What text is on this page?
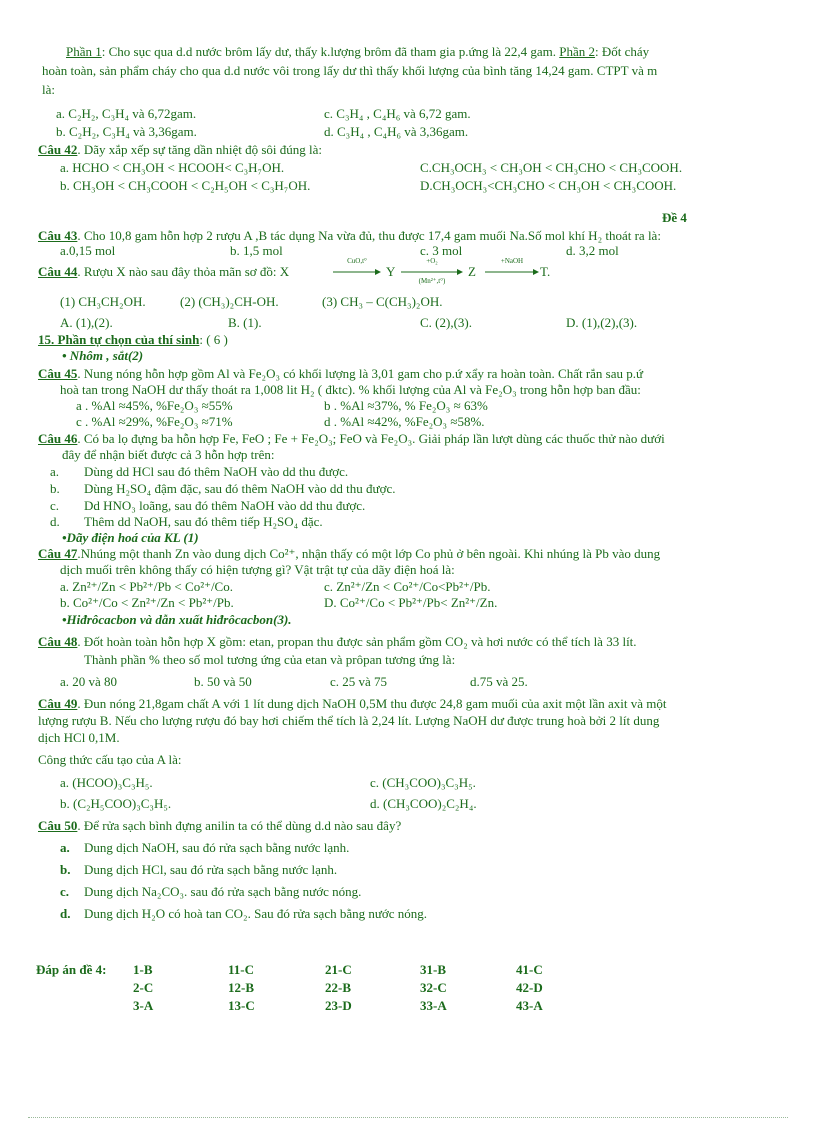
Phần 1: Cho sục qua d.d nước brôm lấy dư, thấy k.lượng brôm đã tham gia p.ứng là 22,4 gam. Phần 2: Đốt cháy
hoàn toàn, sản phẩm cháy cho qua d.d nước vôi trong lấy dư thì thấy khối lượng của bình tăng 14,24 gam. CTPT và m
là:
a. C₂H₂, C₃H₄ và 6,72gam.	c. C₃H₄ , C₄H₆ và 6,72 gam.
b. C₂H₂, C₃H₄ và 3,36gam.	d. C₃H₄ , C₄H₆ và 3,36gam.
Câu 42. Dãy xắp xếp sự tăng dần nhiệt độ sôi đúng là:
a. HCHO < CH₃OH < HCOOH< C₃H₇OH.	C.CH₃OCH₃ < CH₃OH < CH₃CHO < CH₃COOH.
b. CH₃OH < CH₃COOH < C₂H₅OH < C₃H₇OH.	D.CH₃OCH₃<CH₃CHO < CH₃OH < CH₃COOH.
Đề 4
Câu 43. Cho 10,8 gam hỗn hợp 2 rượu A ,B tác dụng Na vừa đủ, thu được 17,4 gam muối Na.Số mol khí H₂ thoát ra là:
a.0,15 mol	b. 1,5 mol	c. 3 mol	d. 3,2 mol
Câu 44. Rượu X nào sau đây thỏa mãn sơ đồ: X
CuO,t°
→ Y
+O₂
(Mn²⁺,t°)
Z
+NaOH
T.
(1) CH₃CH₂OH.	(2) (CH₃)₂CH-OH.	(3) CH₃ – C(CH₃)₂OH.
A. (1),(2).	B. (1).	C. (2),(3).	D. (1),(2),(3).
15. Phần tự chọn của thí sinh: ( 6 )
• Nhôm , sắt(2)
Câu 45. Nung nóng hỗn hợp gồm Al và Fe₂O₃ có khối lượng là 3,01 gam cho p.ứ xẩy ra hoàn toàn. Chất rắn sau p.ứ
hoà tan trong NaOH dư thấy thoát ra 1,008 lit H₂ ( đktc). % khối lượng của Al và Fe₂O₃ trong hỗn hợp ban đầu:
a . %Al ≈45%, %Fe₂O₃ ≈55%	b . %Al ≈37%, % Fe₂O₃ ≈ 63%
c . %Al ≈29%, %Fe₂O₃ ≈71%	d . %Al ≈42%, %Fe₂O₃ ≈58%.
Câu 46. Có ba lọ đựng ba hỗn hợp Fe, FeO ; Fe + Fe₂O₃; FeO và Fe₂O₃. Giải pháp lần lượt dùng các thuốc thử nào dưới
đây để nhận biết được cả 3 hỗn hợp trên:
a. Dùng dd HCl sau đó thêm NaOH vào dd thu được.
b. Dùng H₂SO₄ đậm đặc, sau đó thêm NaOH vào dd thu được.
c. Dd HNO₃ loãng, sau đó thêm NaOH vào dd thu được.
d. Thêm dd NaOH, sau đó thêm tiếp H₂SO₄ đặc.
•Dãy điện hoá của KL (1)
Câu 47.Nhúng một thanh Zn vào dung dịch Co²⁺, nhận thấy có một lớp Co phủ ở bên ngoài. Khi nhúng là Pb vào dung
dịch muối trên không thấy có hiện tượng gì? Vật trật tự của dãy điện hoá là:
a. Zn²⁺/Zn < Pb²⁺/Pb < Co²⁺/Co.	c. Zn²⁺/Zn < Co²⁺/Co<Pb²⁺/Pb.
b. Co²⁺/Co < Zn²⁺/Zn < Pb²⁺/Pb.	D. Co²⁺/Co < Pb²⁺/Pb< Zn²⁺/Zn.
•Hiđrôcacbon và dẫn xuất hiđrôcacbon(3).
Câu 48. Đốt hoàn toàn hỗn hợp X gồm: etan, propan thu được sản phẩm gồm CO₂ và hơi nước có thể tích là 33 lít.
Thành phần % theo số mol tương ứng của etan và prôpan tương ứng là:
a. 20 và 80	b. 50 và 50	c. 25 và 75	d.75 và 25.
Câu 49. Đun nóng 21,8gam chất A với 1 lít dung dịch NaOH 0,5M thu được 24,8 gam muối của axit một lần axit và một
lượng rượu B. Nếu cho lượng rượu đó bay hơi chiếm thể tích là 2,24 lít. Lượng NaOH dư được trung hoà bởi 2 lít dung
dịch HCl 0,1M.
Công thức cấu tạo của A là:
a. (HCOO)₃C₃H₅.	c. (CH₃COO)₃C₃H₅.
b. (C₂H₅COO)₃C₃H₅.	d. (CH₃COO)₂C₂H₄.
Câu 50. Để rửa sạch bình đựng anilin ta có thể dùng d.d nào sau đây?
a. Dung dịch NaOH, sau đó rửa sạch bằng nước lạnh.
b. Dung dịch HCl, sau đó rửa sạch bằng nước lạnh.
c. Dung dịch Na₂CO₃. sau đó rửa sạch bằng nước nóng.
d. Dung dịch H₂O có hoà tan CO₂. Sau đó rửa sạch bằng nước nóng.
Đáp án đề 4: 1-B	11-C	21-C	31-B	41-C
2-C	12-B	22-B	32-C	42-D
3-A	13-C	23-D	33-A	43-A
